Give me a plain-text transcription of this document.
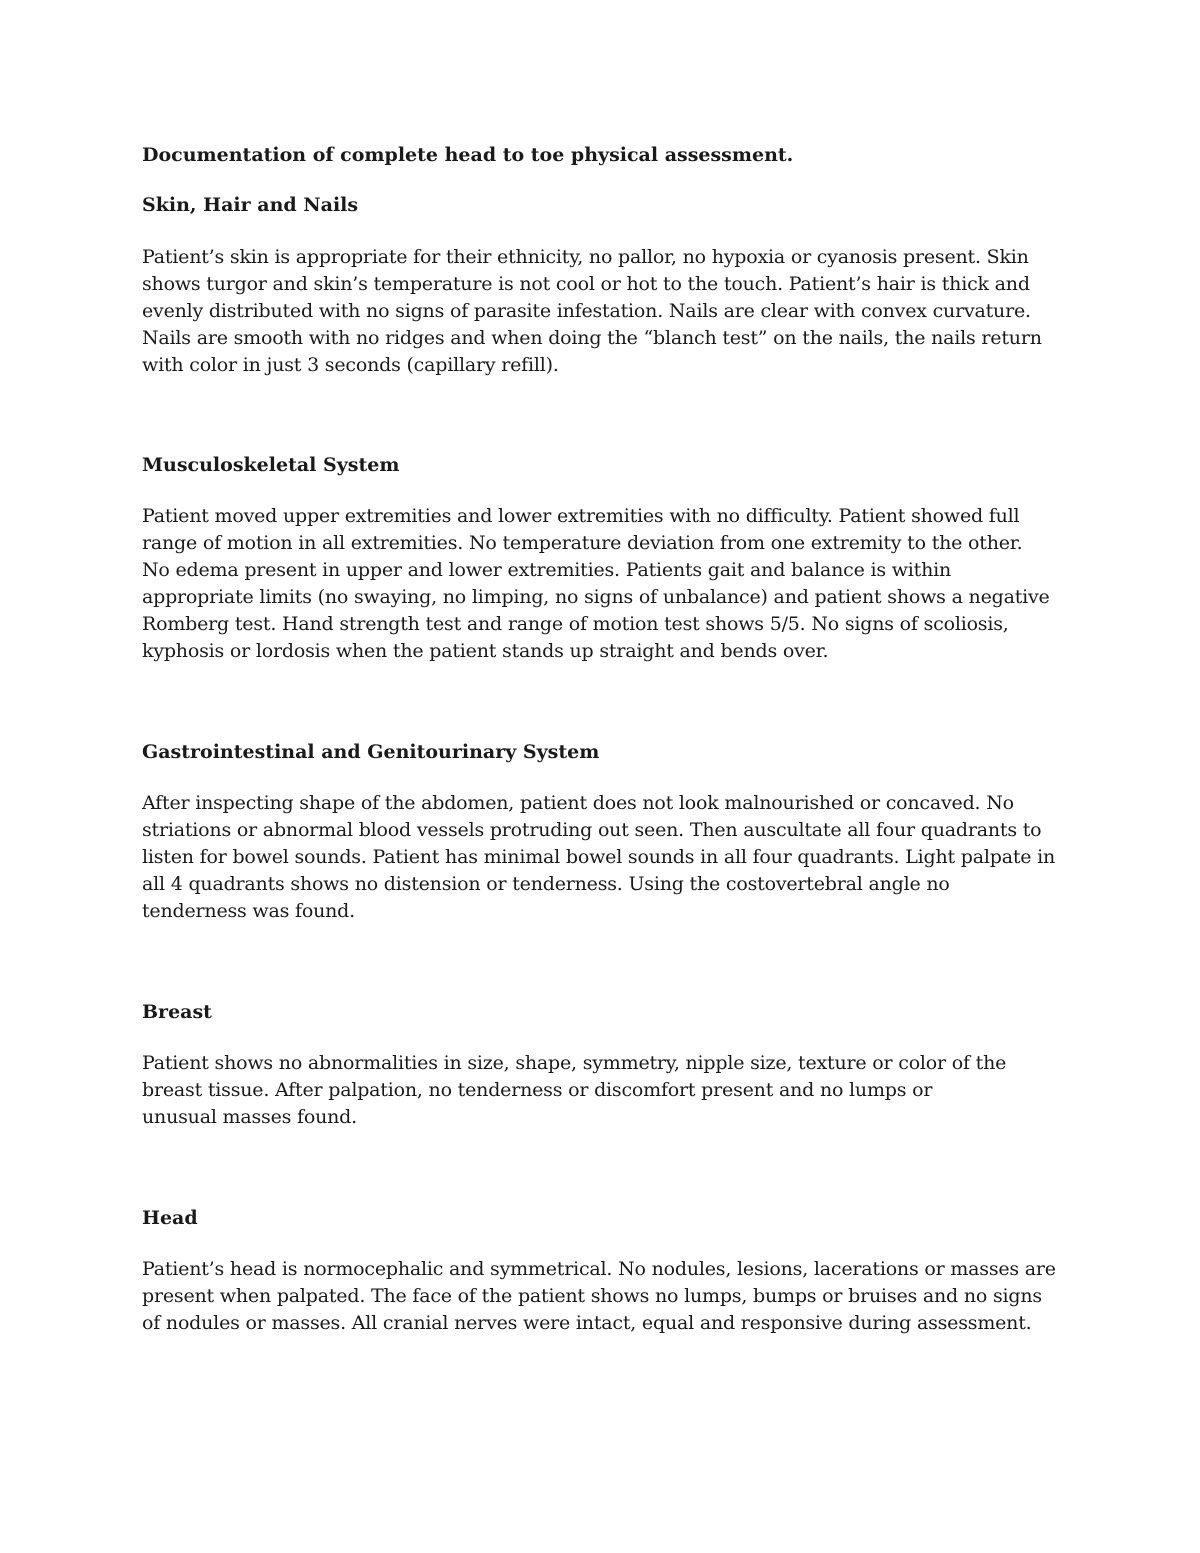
Documentation of complete head to toe physical assessment.

Skin, Hair and Nails

Patient’s skin is appropriate for their ethnicity, no pallor, no hypoxia or cyanosis present. Skin shows turgor and skin’s temperature is not cool or hot to the touch. Patient’s hair is thick and evenly distributed with no signs of parasite infestation. Nails are clear with convex curvature. Nails are smooth with no ridges and when doing the “blanch test” on the nails, the nails return with color in just 3 seconds (capillary refill).

Musculoskeletal System

Patient moved upper extremities and lower extremities with no difficulty. Patient showed full range of motion in all extremities. No temperature deviation from one extremity to the other. No edema present in upper and lower extremities. Patients gait and balance is within appropriate limits (no swaying, no limping, no signs of unbalance) and patient shows a negative Romberg test. Hand strength test and range of motion test shows 5/5. No signs of scoliosis, kyphosis or lordosis when the patient stands up straight and bends over.

Gastrointestinal and Genitourinary System

After inspecting shape of the abdomen, patient does not look malnourished or concaved. No striations or abnormal blood vessels protruding out seen. Then auscultate all four quadrants to listen for bowel sounds. Patient has minimal bowel sounds in all four quadrants. Light palpate in all 4 quadrants shows no distension or tenderness. Using the costovertebral angle no tenderness was found.

Breast

Patient shows no abnormalities in size, shape, symmetry, nipple size, texture or color of the breast tissue. After palpation, no tenderness or discomfort present and no lumps or unusual masses found.

Head

Patient’s head is normocephalic and symmetrical. No nodules, lesions, lacerations or masses are present when palpated. The face of the patient shows no lumps, bumps or bruises and no signs of nodules or masses. All cranial nerves were intact, equal and responsive during assessment.
